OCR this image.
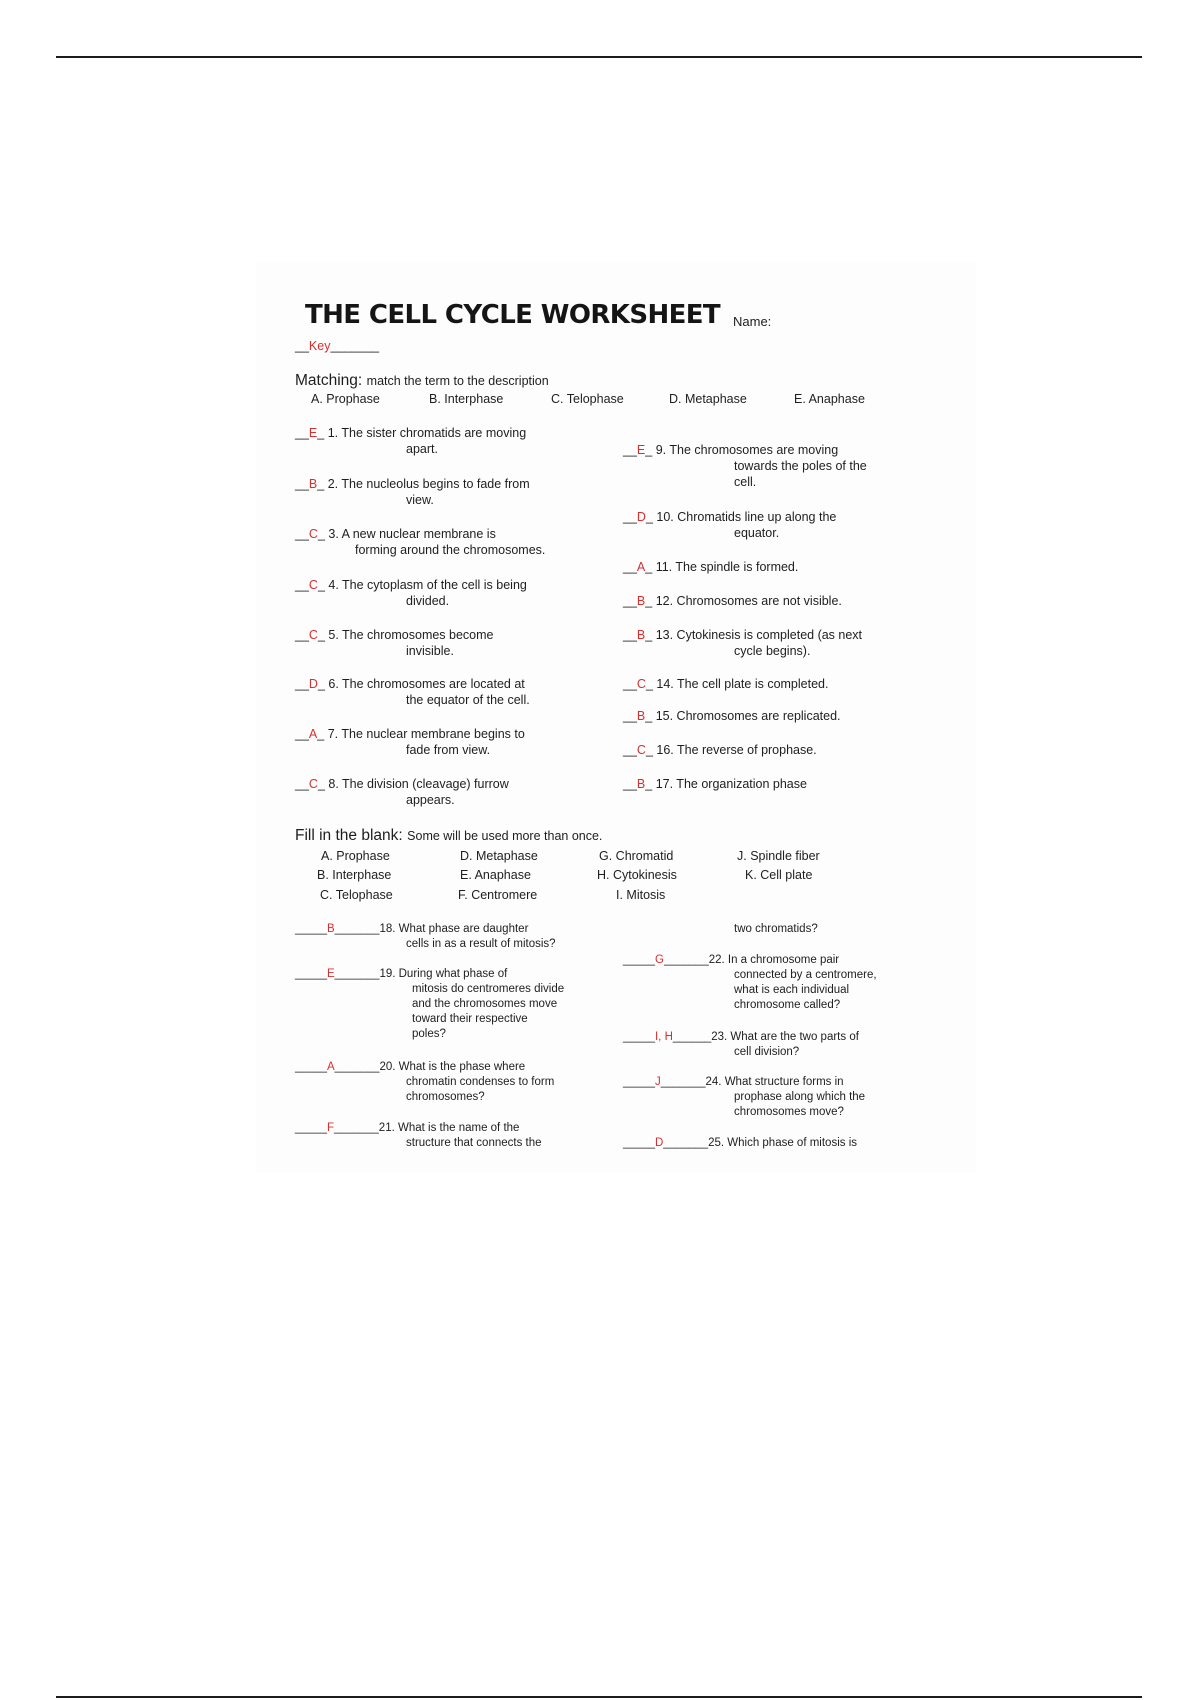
THE CELL CYCLE WORKSHEET Name:
__Key_______
Matching: match the term to the description
A. Prophase	B. Interphase	C. Telophase	D. Metaphase	E. Anaphase
__E_ 1. The sister chromatids are moving
apart.
__B_ 2. The nucleolus begins to fade from
view.
__C_ 3. A new nuclear membrane is
forming around the chromosomes.
__C_ 4. The cytoplasm of the cell is being
divided.
__C_ 5. The chromosomes become
invisible.
__D_ 6. The chromosomes are located at
the equator of the cell.
__A_ 7. The nuclear membrane begins to
fade from view.
__C_ 8. The division (cleavage) furrow
appears.
__E_ 9. The chromosomes are moving
towards the poles of the
cell.
__D_ 10. Chromatids line up along the
equator.
__A_ 11. The spindle is formed.
__B_ 12. Chromosomes are not visible.
__B_ 13. Cytokinesis is completed (as next
cycle begins).
__C_ 14. The cell plate is completed.
__B_ 15. Chromosomes are replicated.
__C_ 16. The reverse of prophase.
__B_ 17. The organization phase
Fill in the blank: Some will be used more than once.
A. Prophase	D. Metaphase	G. Chromatid	J. Spindle fiber
B. Interphase	E. Anaphase	H. Cytokinesis	K. Cell plate
C. Telophase	F. Centromere	I. Mitosis
_____B_______18. What phase are daughter
cells in as a result of mitosis?
_____E_______19. During what phase of
mitosis do centromeres divide
and the chromosomes move
toward their respective
poles?
_____A_______20. What is the phase where
chromatin condenses to form
chromosomes?
_____F_______21. What is the name of the
structure that connects the
two chromatids?
_____G_______22. In a chromosome pair
connected by a centromere,
what is each individual
chromosome called?
_____I, H______23. What are the two parts of
cell division?
_____J_______24. What structure forms in
prophase along which the
chromosomes move?
_____D_______25. Which phase of mitosis is
